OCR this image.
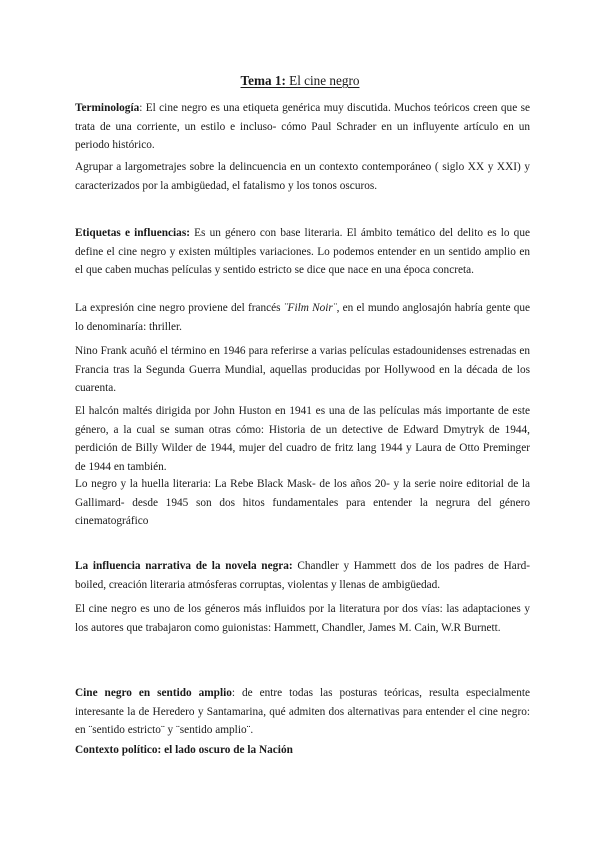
Tema 1: El cine negro

Terminología: El cine negro es una etiqueta genérica muy discutida. Muchos teóricos creen que se trata de una corriente, un estilo e incluso- cómo Paul Schrader en un influyente artículo en un periodo histórico.

Agrupar a largometrajes sobre la delincuencia en un contexto contemporáneo ( siglo XX y XXI) y caracterizados por la ambigüedad, el fatalismo y los tonos oscuros.

Etiquetas e influencias: Es un género con base literaria. El ámbito temático del delito es lo que define el cine negro y existen múltiples variaciones. Lo podemos entender en un sentido amplio en el que caben muchas películas y sentido estricto se dice que nace en una época concreta.

La expresión cine negro proviene del francés ¨Film Noir¨, en el mundo anglosajón habría gente que lo denominaría: thriller.

Nino Frank acuñó el término en 1946 para referirse a varias películas estadounidenses estrenadas en Francia tras la Segunda Guerra Mundial, aquellas producidas por Hollywood en la década de los cuarenta.

El halcón maltés dirigida por John Huston en 1941 es una de las películas más importante de este género, a la cual se suman otras cómo: Historia de un detective de Edward Dmytryk de 1944, perdición de Billy Wilder de 1944, mujer del cuadro de fritz lang 1944 y Laura de Otto Preminger de 1944 en también.

Lo negro y la huella literaria: La Rebe Black Mask- de los años 20- y la serie noire editorial de la Gallimard- desde 1945 son dos hitos fundamentales para entender la negrura del género cinematográfico

La influencia narrativa de la novela negra: Chandler y Hammett dos de los padres de Hard-boiled, creación literaria atmósferas corruptas, violentas y llenas de ambigüedad.

El cine negro es uno de los géneros más influidos por la literatura por dos vías: las adaptaciones y los autores que trabajaron como guionistas: Hammett, Chandler, James M. Cain, W.R Burnett.

Cine negro en sentido amplio: de entre todas las posturas teóricas, resulta especialmente interesante la de Heredero y Santamarina, qué admiten dos alternativas para entender el cine negro: en ¨sentido estricto¨ y ¨sentido amplio¨.

Contexto político: el lado oscuro de la Nación
